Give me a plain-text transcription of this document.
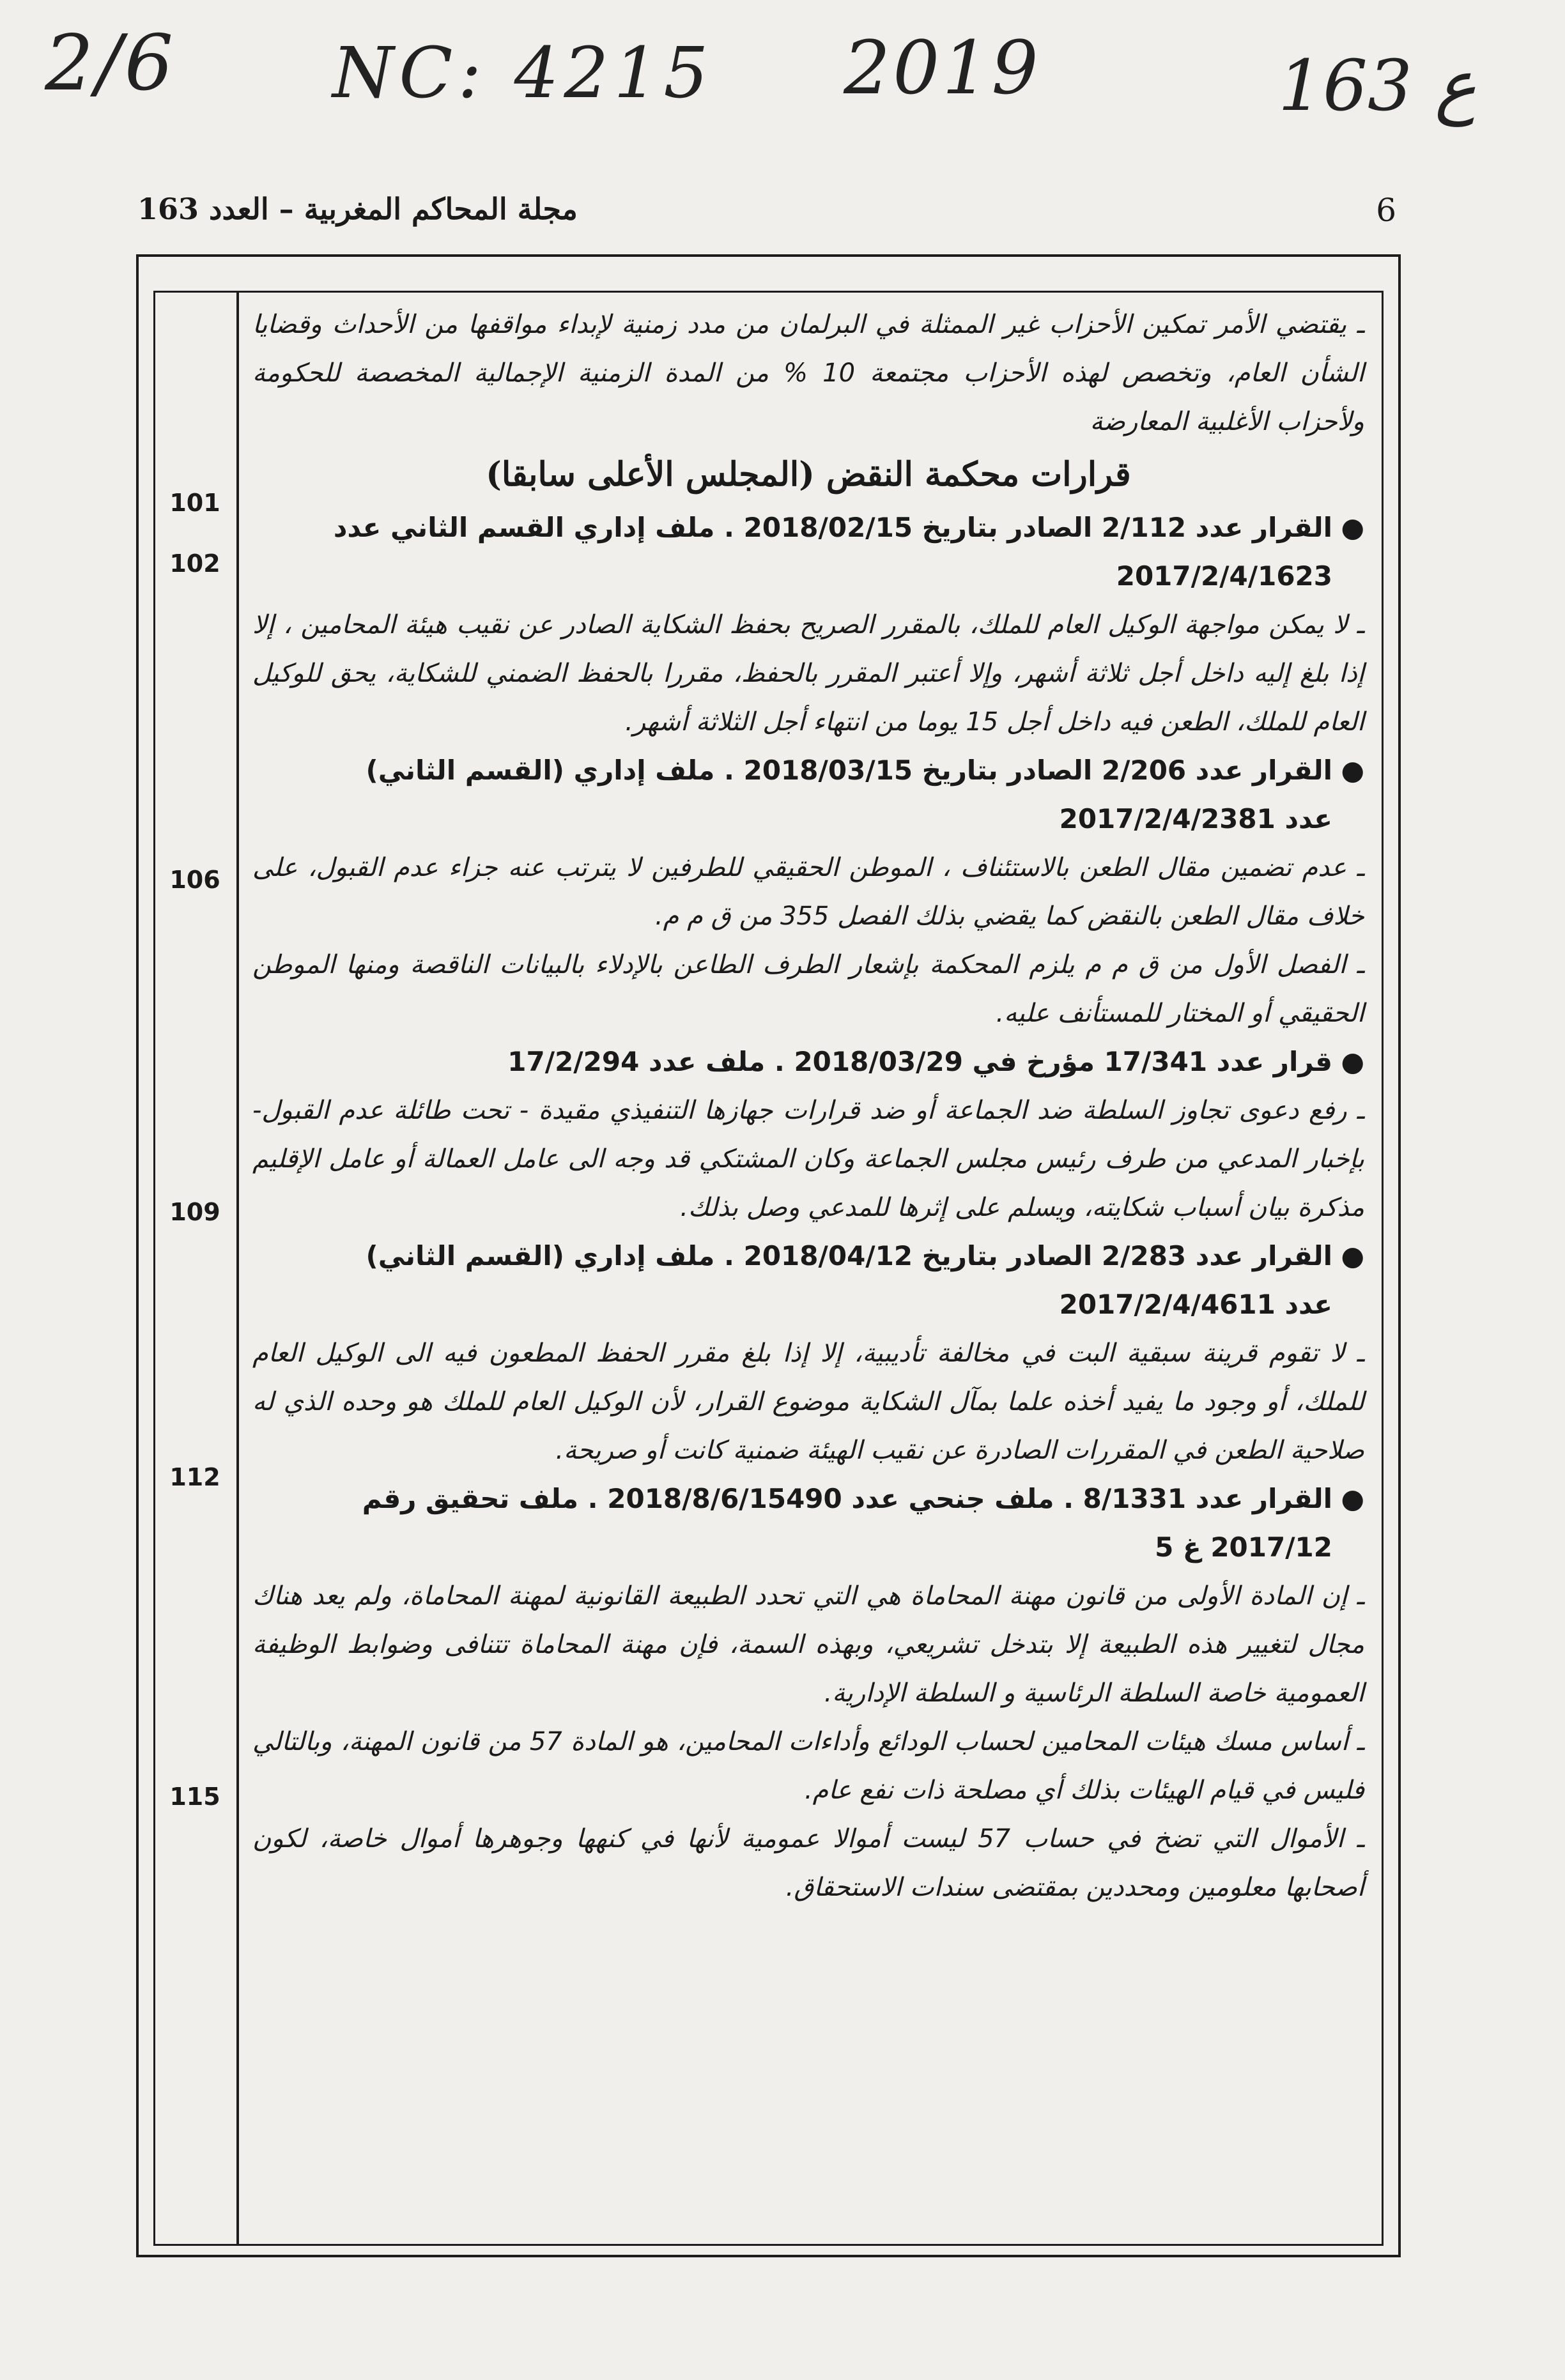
2/6 NC: 4215 2019	163 ع
مجلة المحاكم المغربية – العدد 163	6
101
102
106
109
112
115

ـ يقتضي الأمر تمكين الأحزاب غير الممثلة في البرلمان من مدد زمنية لإبداء مواقفها من الأحداث وقضايا الشأن العام، وتخصص لهذه الأحزاب مجتمعة 10 % من المدة الزمنية الإجمالية المخصصة للحكومة ولأحزاب الأغلبية المعارضة

قرارات محكمة النقض (المجلس الأعلى سابقا)

●
القرار عدد 2/112 الصادر بتاريخ 2018/02/15 . ملف إداري القسم الثاني عدد
2017/2/4/1623

ـ لا يمكن مواجهة الوكيل العام للملك، بالمقرر الصريح بحفظ الشكاية الصادر عن نقيب هيئة المحامين ، إلا إذا بلغ إليه داخل أجل ثلاثة أشهر، وإلا أعتبر المقرر بالحفظ، مقررا بالحفظ الضمني للشكاية، يحق للوكيل العام للملك، الطعن فيه داخل أجل 15 يوما من انتهاء أجل الثلاثة أشهر.

●
القرار عدد 2/206 الصادر بتاريخ 2018/03/15 . ملف إداري (القسم الثاني)
عدد 2017/2/4/2381

ـ عدم تضمين مقال الطعن بالاستئناف ، الموطن الحقيقي للطرفين لا يترتب عنه جزاء عدم القبول، على خلاف مقال الطعن بالنقض كما يقضي بذلك الفصل 355 من ق م م.

ـ الفصل الأول من ق م م يلزم المحكمة بإشعار الطرف الطاعن بالإدلاء بالبيانات الناقصة ومنها الموطن الحقيقي أو المختار للمستأنف عليه.

●
قرار عدد 17/341 مؤرخ في 2018/03/29 . ملف عدد 17/2/294

ـ رفع دعوى تجاوز السلطة ضد الجماعة أو ضد قرارات جهازها التنفيذي مقيدة - تحت طائلة عدم القبول- بإخبار المدعي من طرف رئيس مجلس الجماعة وكان المشتكي قد وجه الى عامل العمالة أو عامل الإقليم مذكرة بيان أسباب شكايته، ويسلم على إثرها للمدعي وصل بذلك.

●
القرار عدد 2/283 الصادر بتاريخ 2018/04/12 . ملف إداري (القسم الثاني)
عدد 2017/2/4/4611

ـ لا تقوم قرينة سبقية البت في مخالفة تأديبية، إلا إذا بلغ مقرر الحفظ المطعون فيه الى الوكيل العام للملك، أو وجود ما يفيد أخذه علما بمآل الشكاية موضوع القرار، لأن الوكيل العام للملك هو وحده الذي له صلاحية الطعن في المقررات الصادرة عن نقيب الهيئة ضمنية كانت أو صريحة.

●
القرار عدد 8/1331 . ملف جنحي عدد 2018/8/6/15490 . ملف تحقيق رقم
2017/12 غ 5

ـ إن المادة الأولى من قانون مهنة المحاماة هي التي تحدد الطبيعة القانونية لمهنة المحاماة، ولم يعد هناك مجال لتغيير هذه الطبيعة إلا بتدخل تشريعي، وبهذه السمة، فإن مهنة المحاماة تتنافى وضوابط الوظيفة العمومية خاصة السلطة الرئاسية و السلطة الإدارية.

ـ أساس مسك هيئات المحامين لحساب الودائع وأداءات المحامين، هو المادة 57 من قانون المهنة، وبالتالي فليس في قيام الهيئات بذلك أي مصلحة ذات نفع عام.

ـ الأموال التي تضخ في حساب 57 ليست أموالا عمومية لأنها في كنهها وجوهرها أموال خاصة، لكون أصحابها معلومين ومحددين بمقتضى سندات الاستحقاق.
